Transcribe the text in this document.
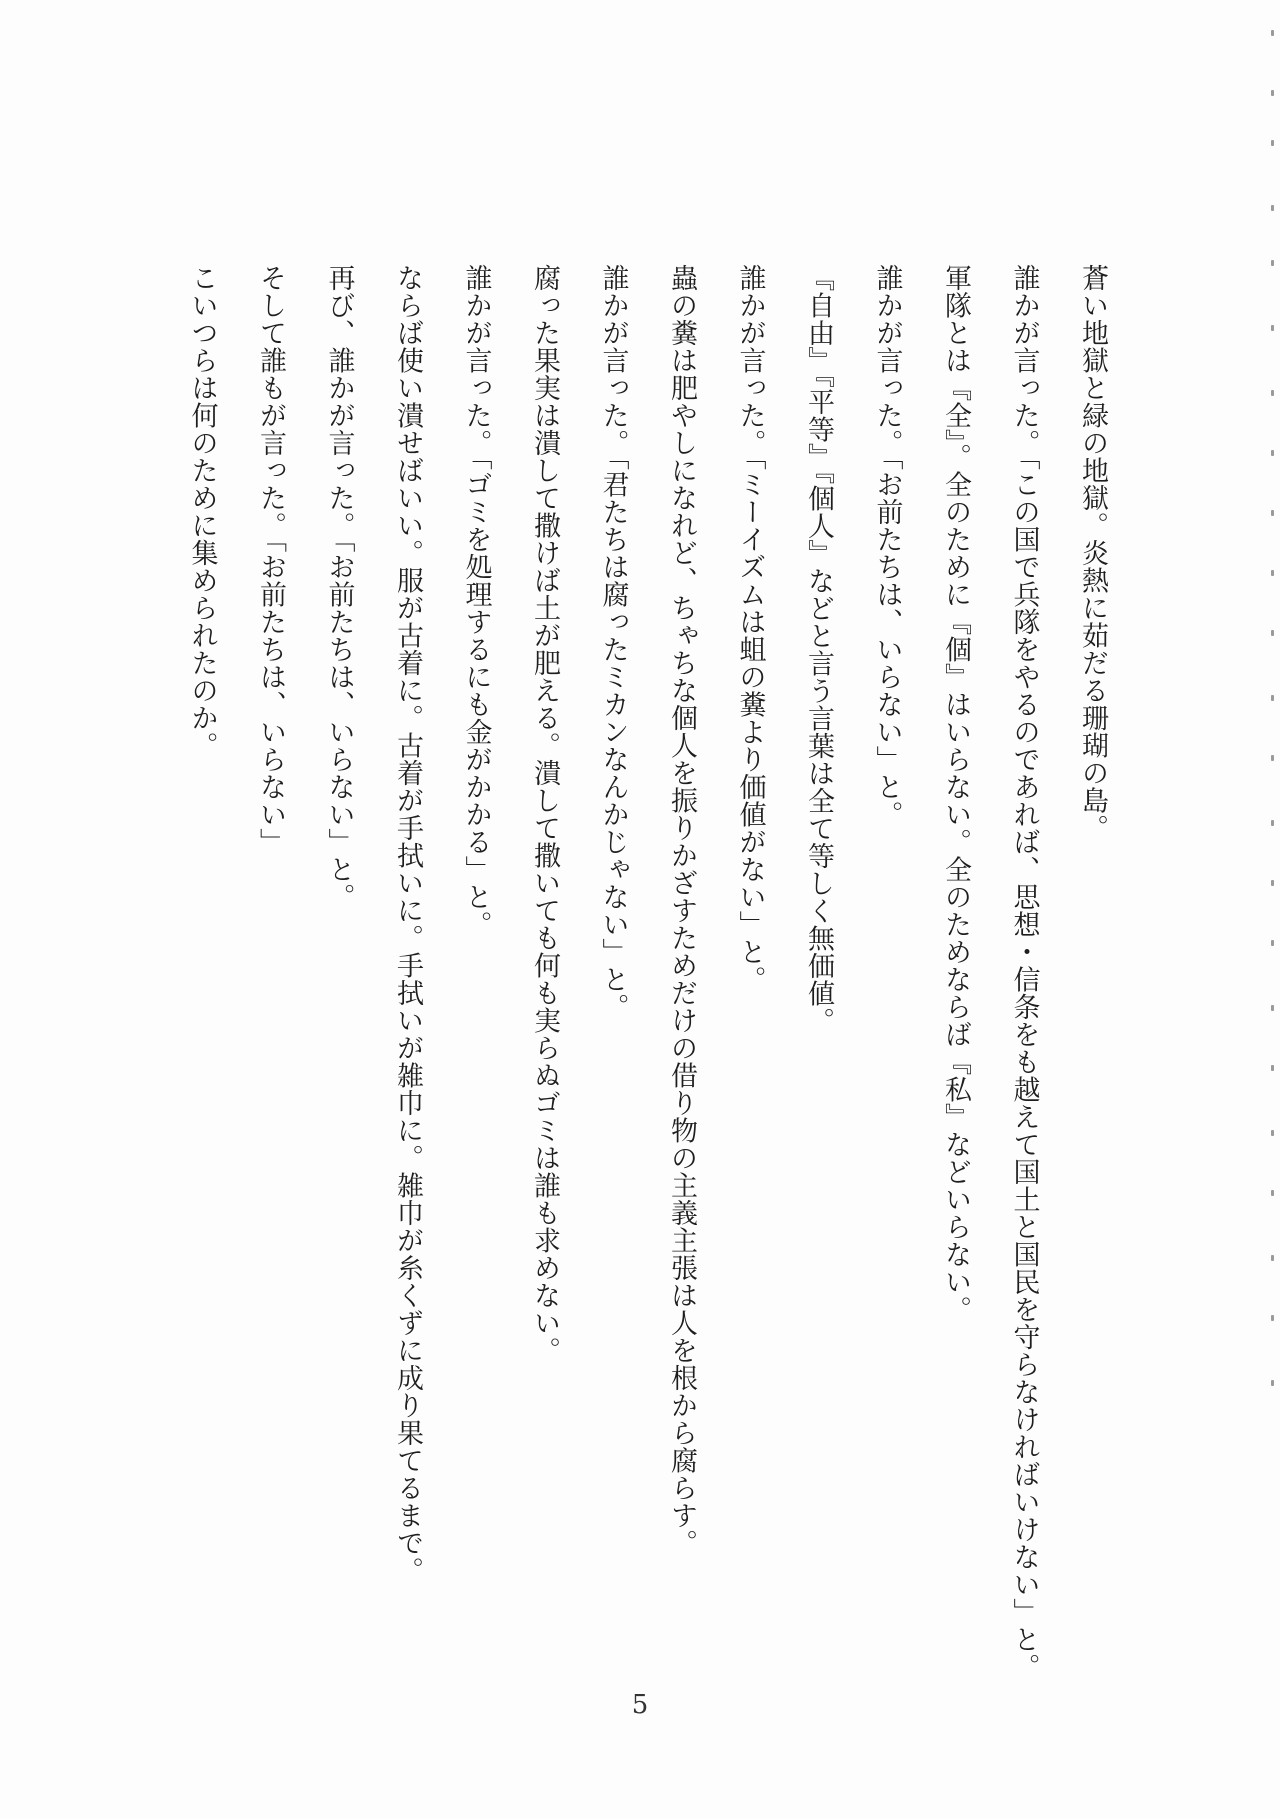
蒼い地獄と緑の地獄。炎熱に茹だる珊瑚の島。

誰かが言った。「この国で兵隊をやるのであれば、思想・信条をも越えて国土と国民を守らなければいけない」と。

軍隊とは『全』。全のために『個』はいらない。全のためならば『私』などいらない。

誰かが言った。「お前たちは、いらない」と。

『自由』『平等』『個人』などと言う言葉は全て等しく無価値。

誰かが言った。「ミーイズムは蛆の糞より価値がない」と。

蟲の糞は肥やしになれど、ちゃちな個人を振りかざすためだけの借り物の主義主張は人を根から腐らす。

誰かが言った。「君たちは腐ったミカンなんかじゃない」と。

腐った果実は潰して撒けば土が肥える。潰して撒いても何も実らぬゴミは誰も求めない。

誰かが言った。「ゴミを処理するにも金がかかる」と。

ならば使い潰せばいい。服が古着に。古着が手拭いに。手拭いが雑巾に。雑巾が糸くずに成り果てるまで。

再び、誰かが言った。「お前たちは、いらない」と。

そして誰もが言った。「お前たちは、いらない」

こいつらは何のために集められたのか。

5
